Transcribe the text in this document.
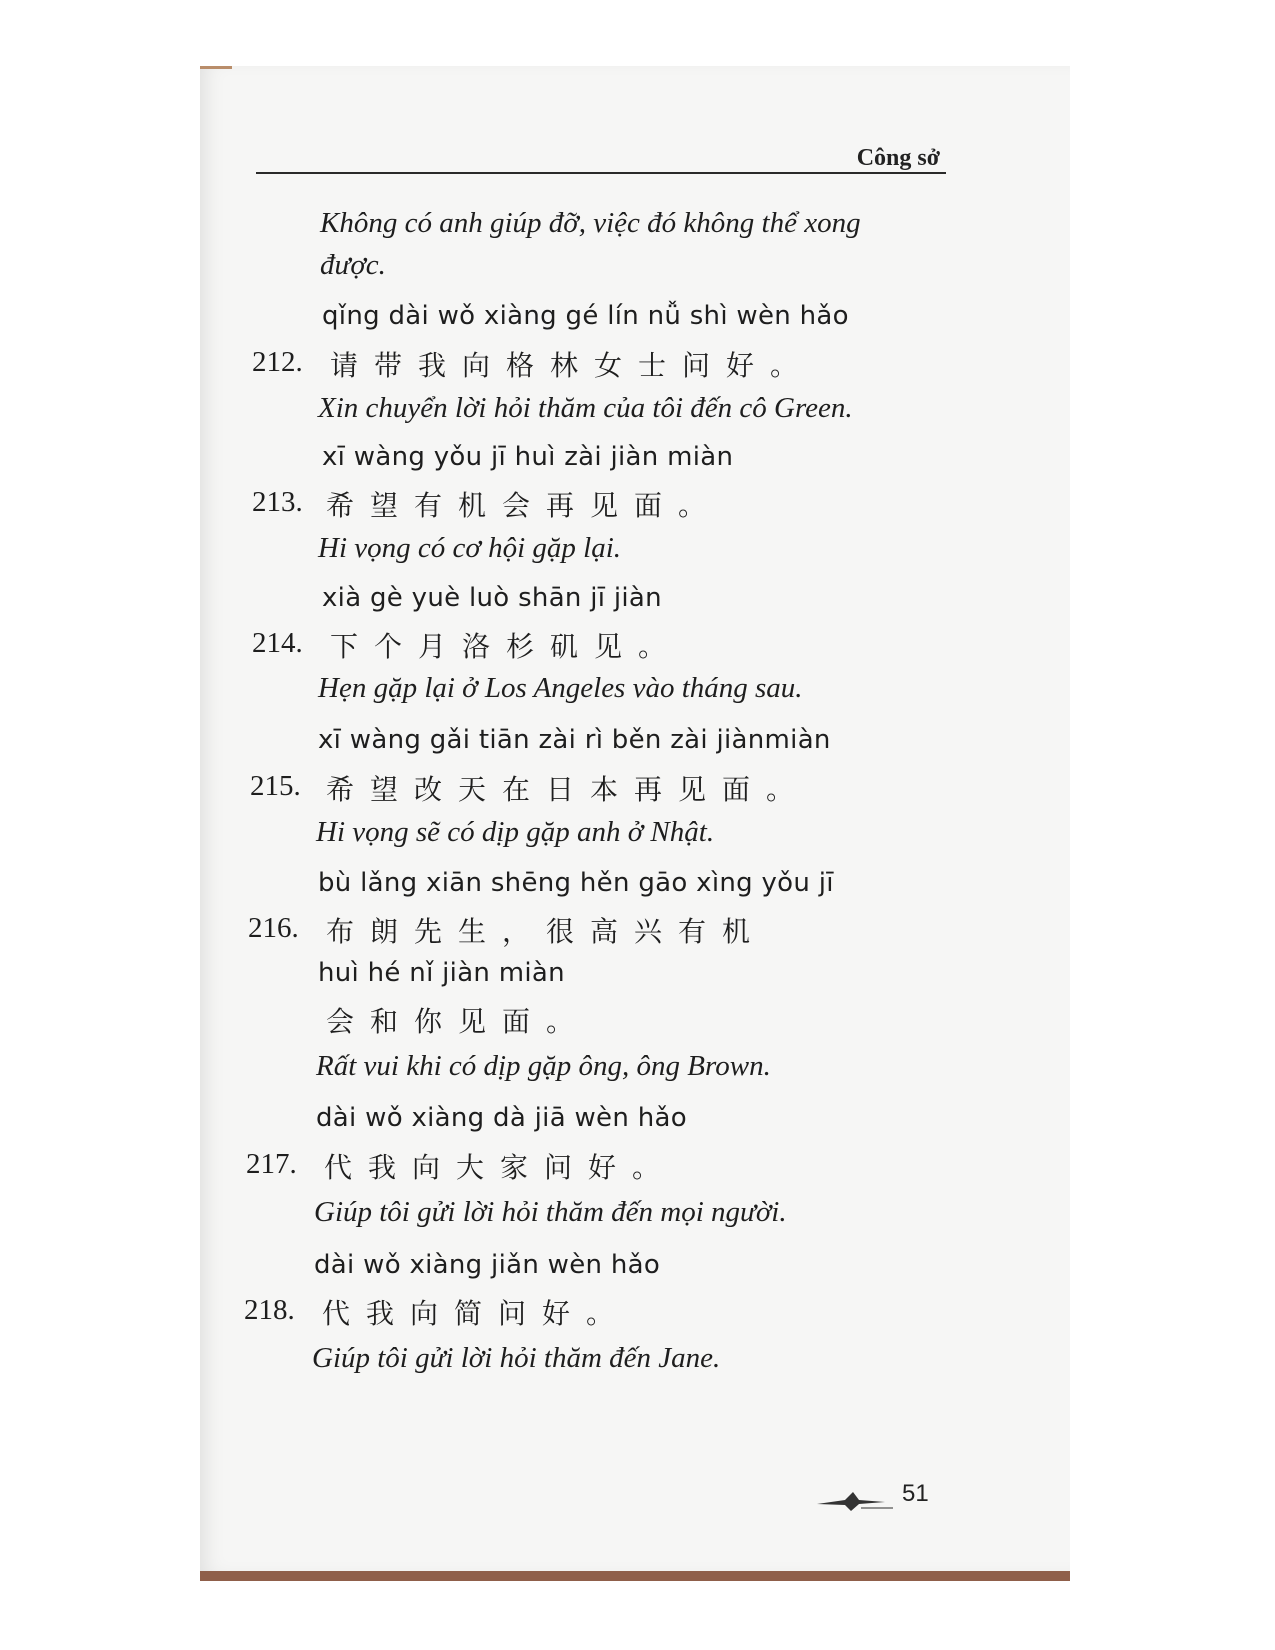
Công sở
Không có anh giúp đỡ, việc đó không thể xong
được.
qǐng dài wǒ xiàng gé lín nǚ shì wèn hǎo
212. 请带我向格林女士问好。
Xin chuyển lời hỏi thăm của tôi đến cô Green.
xī wàng yǒu jī huì zài jiàn miàn
213. 希望有机会再见面。
Hi vọng có cơ hội gặp lại.
xià gè yuè luò shān jī jiàn
214. 下个月洛杉矶见。
Hẹn gặp lại ở Los Angeles vào tháng sau.
xī wàng gǎi tiān zài rì běn zài jiànmiàn
215. 希望改天在日本再见面。
Hi vọng sẽ có dịp gặp anh ở Nhật.
bù lǎng xiān shēng hěn gāo xìng yǒu jī
216. 布朗先生，很高兴有机
huì hé nǐ jiàn miàn
会和你见面。
Rất vui khi có dịp gặp ông, ông Brown.
dài wǒ xiàng dà jiā wèn hǎo
217. 代我向大家问好。
Giúp tôi gửi lời hỏi thăm đến mọi người.
dài wǒ xiàng jiǎn wèn hǎo
218. 代我向简问好。
Giúp tôi gửi lời hỏi thăm đến Jane.
51
